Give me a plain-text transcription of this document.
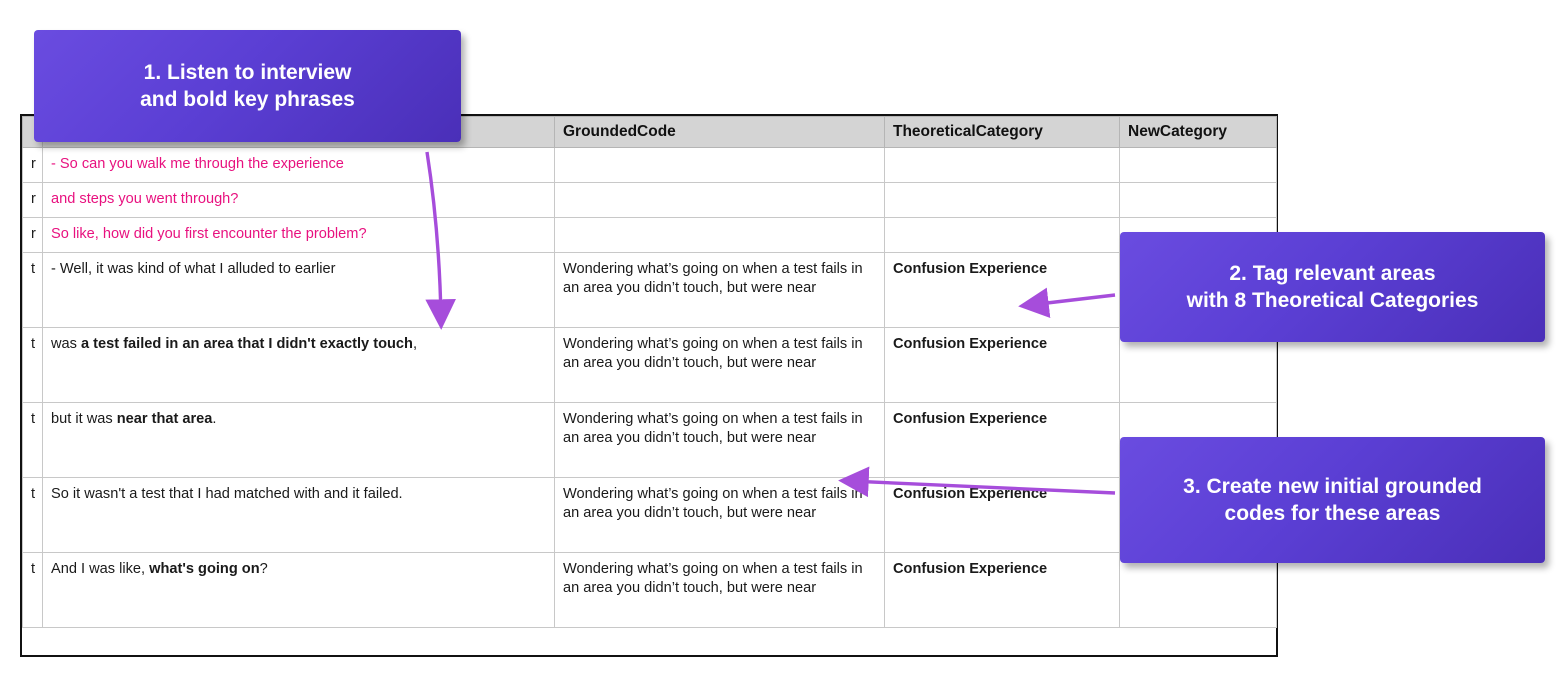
		GroundedCode	TheoreticalCategory	NewCategory
r	- So can you walk me through the experience			
r	and steps you went through?			
r	So like, how did you first encounter the problem?			
t	- Well, it was kind of what I alluded to earlier	Wondering what’s going on when a test fails in an area you didn’t touch, but were near	Confusion Experience	
t	was a test failed in an area that I didn't exactly touch,	Wondering what’s going on when a test fails in an area you didn’t touch, but were near	Confusion Experience	
t	but it was near that area.	Wondering what’s going on when a test fails in an area you didn’t touch, but were near	Confusion Experience	
t	So it wasn't a test that I had matched with and it failed.	Wondering what’s going on when a test fails in an area you didn’t touch, but were near	Confusion Experience	
t	And I was like, what's going on?	Wondering what’s going on when a test fails in an area you didn’t touch, but were near	Confusion Experience	
1. Listen to interview
and bold key phrases
2. Tag relevant areas
with 8 Theoretical Categories
3. Create new initial grounded
codes for these areas
